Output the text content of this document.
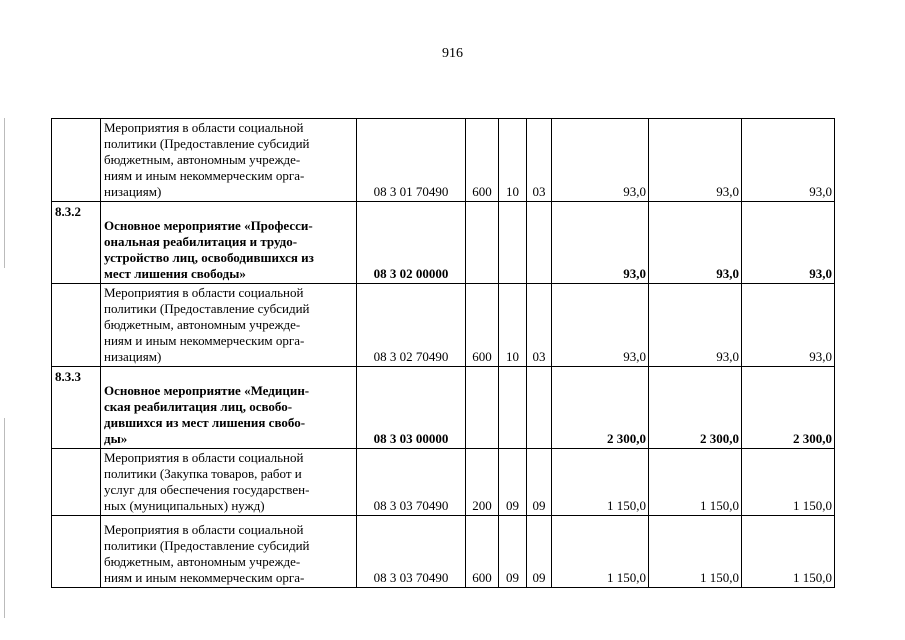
916

	Мероприятия в области социальной
политики (Предоставление субсидий
бюджетным, автономным учрежде-
ниям и иным некоммерческим орга-
низациям)	08 3 01 70490	600	10	03	93,0	93,0	93,0
8.3.2	Основное мероприятие «Професси-
ональная реабилитация и трудо-
устройство лиц, освободившихся из
мест лишения свободы»	08 3 02 00000				93,0	93,0	93,0

	Мероприятия в области социальной
политики (Предоставление субсидий
бюджетным, автономным учрежде-
ниям и иным некоммерческим орга-
низациям)	08 3 02 70490	600	10	03	93,0	93,0	93,0
8.3.3	Основное мероприятие «Медицин-
ская реабилитация лиц, освобо-
дившихся из мест лишения свобо-
ды»	08 3 03 00000				2 300,0	2 300,0	2 300,0

	Мероприятия в области социальной
политики (Закупка товаров, работ и
услуг для обеспечения государствен-
ных (муниципальных) нужд)	08 3 03 70490	200	09	09	1 150,0	1 150,0	1 150,0

	Мероприятия в области социальной
политики (Предоставление субсидий
бюджетным, автономным учрежде-
ниям и иным некоммерческим орга-	08 3 03 70490	600	09	09	1 150,0	1 150,0	1 150,0
